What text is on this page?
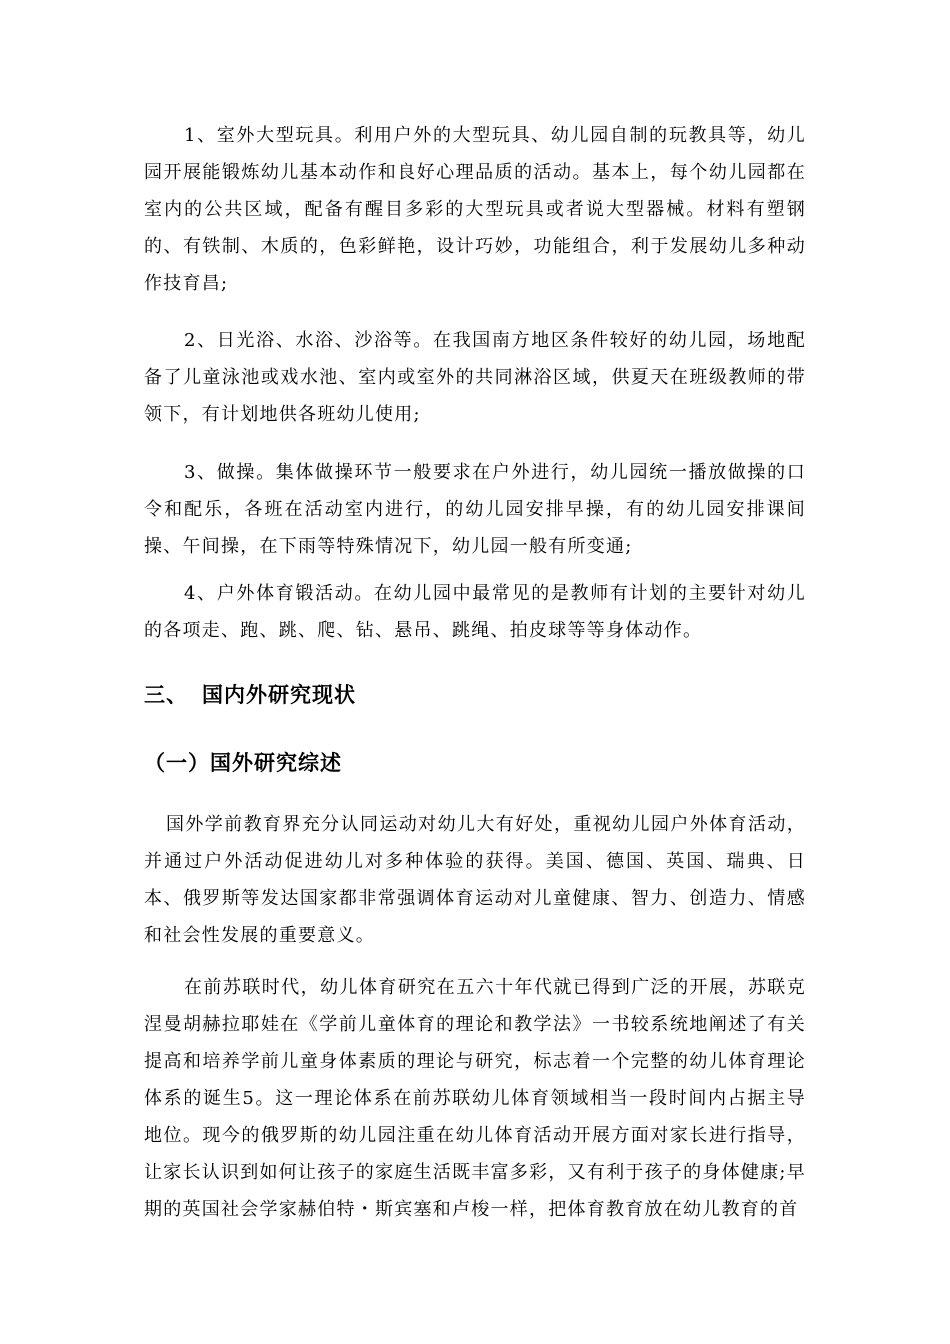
1、室外大型玩具。利用户外的大型玩具、幼儿园自制的玩教具等，幼儿园开展能锻炼幼儿基本动作和良好心理品质的活动。基本上，每个幼儿园都在室内的公共区域，配备有醒目多彩的大型玩具或者说大型器械。材料有塑钢的、有铁制、木质的，色彩鲜艳，设计巧妙，功能组合，利于发展幼儿多种动作技育昌;

2、日光浴、水浴、沙浴等。在我国南方地区条件较好的幼儿园，场地配备了儿童泳池或戏水池、室内或室外的共同淋浴区域，供夏天在班级教师的带领下，有计划地供各班幼儿使用;

3、做操。集体做操环节一般要求在户外进行，幼儿园统一播放做操的口令和配乐，各班在活动室内进行，的幼儿园安排早操，有的幼儿园安排课间操、午间操，在下雨等特殊情况下，幼儿园一般有所变通;

4、户外体育锻活动。在幼儿园中最常见的是教师有计划的主要针对幼儿的各项走、跑、跳、爬、钻、悬吊、跳绳、拍皮球等等身体动作。

三、 国内外研究现状
（一）国外研究综述

国外学前教育界充分认同运动对幼儿大有好处，重视幼儿园户外体育活动，并通过户外活动促进幼儿对多种体验的获得。美国、德国、英国、瑞典、日本、俄罗斯等发达国家都非常强调体育运动对儿童健康、智力、创造力、情感和社会性发展的重要意义。

在前苏联时代，幼儿体育研究在五六十年代就已得到广泛的开展，苏联克涅曼胡赫拉耶娃在《学前儿童体育的理论和教学法》一书较系统地阐述了有关提高和培养学前儿童身体素质的理论与研究，标志着一个完整的幼儿体育理论体系的诞生5。这一理论体系在前苏联幼儿体育领域相当一段时间内占据主导地位。现今的俄罗斯的幼儿园注重在幼儿体育活动开展方面对家长进行指导，让家长认识到如何让孩子的家庭生活既丰富多彩，又有利于孩子的身体健康;早期的英国社会学家赫伯特・斯宾塞和卢梭一样，把体育教育放在幼儿教育的首
